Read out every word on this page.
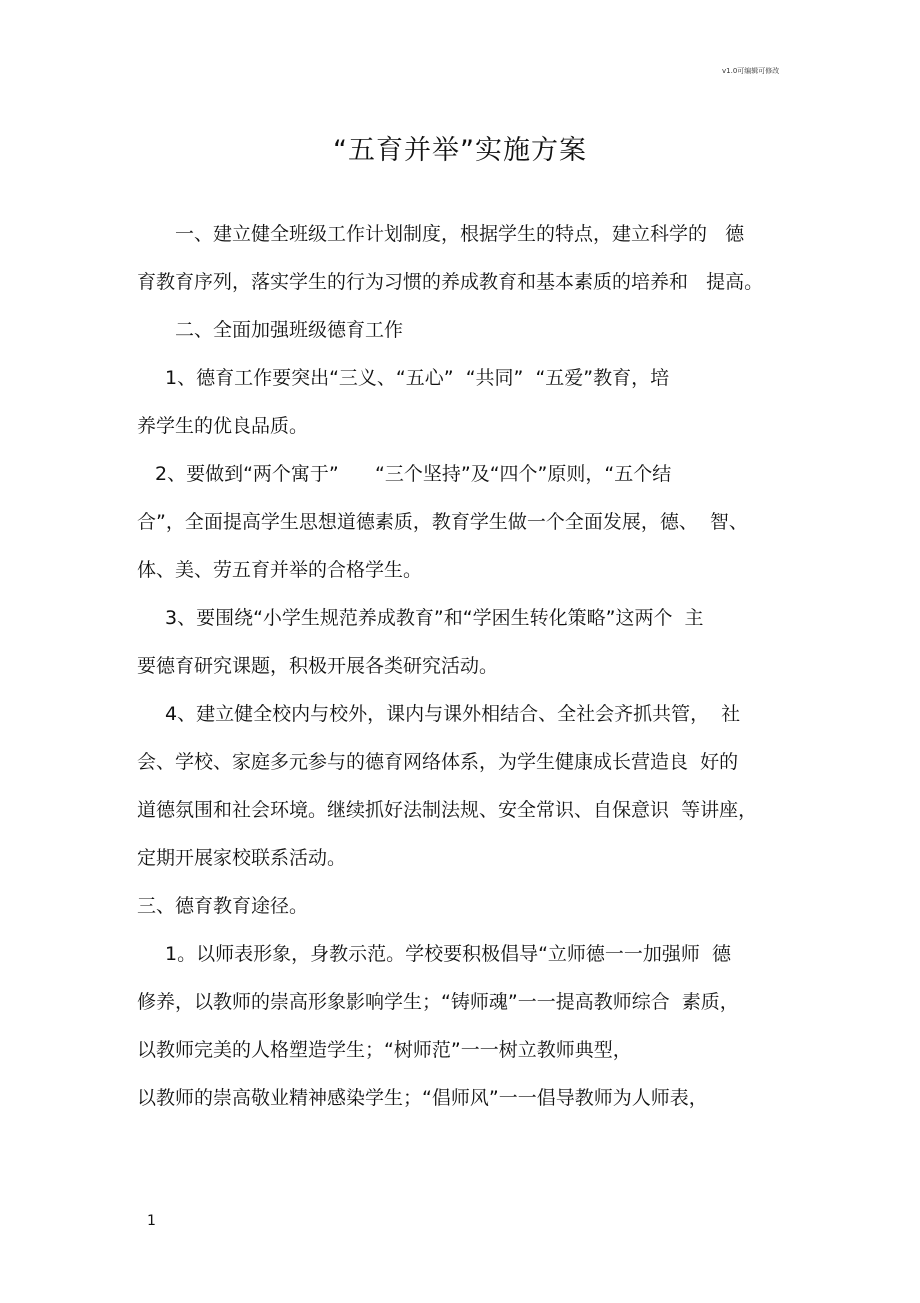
v1.0可编辑可修改
“五育并举”实施方案
一、建立健全班级工作计划制度，根据学生的特点，建立科学的   德
育教育序列，落实学生的行为习惯的养成教育和基本素质的培养和   提高。
二、全面加强班级德育工作
1、德育工作要突出“三义、“五心”  “共同”  “五爱”教育，培
养学生的优良品质。
2、要做到“两个寓于”      “三个坚持”及“四个”原则，“五个结
合”，全面提高学生思想道德素质，教育学生做一个全面发展，德、  智、
体、美、劳五育并举的合格学生。
3、要围绕“小学生规范养成教育”和“学困生转化策略”这两个  主
要德育研究课题，积极开展各类研究活动。
4、建立健全校内与校外，课内与课外相结合、全社会齐抓共管，  社
会、学校、家庭多元参与的德育网络体系，为学生健康成长营造良  好的
道德氛围和社会环境。继续抓好法制法规、安全常识、自保意识  等讲座，
定期开展家校联系活动。
三、德育教育途径。
1。以师表形象，身教示范。学校要积极倡导“立师德一一加强师  德
修养，以教师的崇高形象影响学生；“铸师魂”一一提高教师综合  素质，
以教师完美的人格塑造学生；“树师范”一一树立教师典型，
以教师的崇高敬业精神感染学生；“倡师风”一一倡导教师为人师表，
1
